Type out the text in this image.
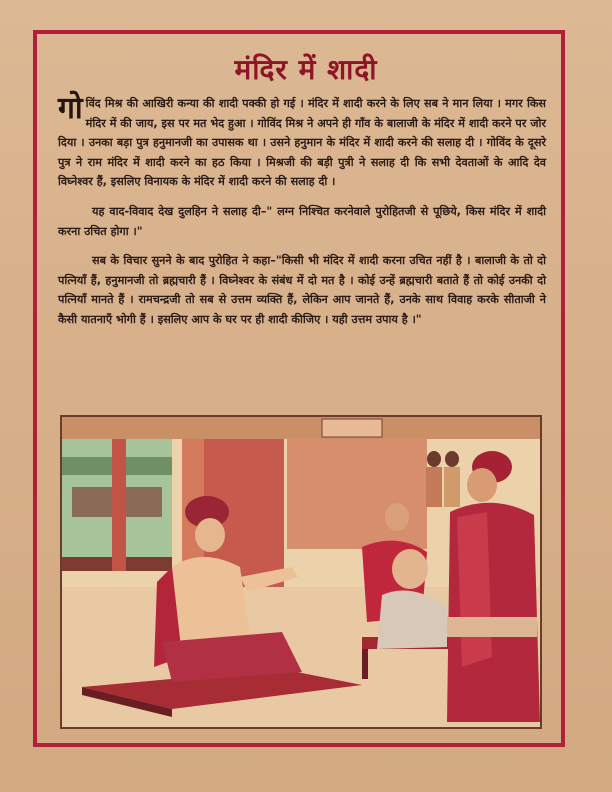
मंदिर में शादी

गोविंद मिश्र की आखिरी कन्या की शादी पक्की हो गई । मंदिर में शादी करने के लिए सब ने मान लिया । मगर किस मंदिर में की जाय, इस पर मत भेद हुआ । गोविंद मिश्र ने अपने ही गाँव के बालाजी के मंदिर में शादी करने पर जोर दिया । उनका बड़ा पुत्र हनुमानजी का उपासक था । उसने हनुमान के मंदिर में शादी करने की सलाह दी । गोविंद के दूसरे पुत्र ने राम मंदिर में शादी करने का हठ किया । मिश्रजी की बड़ी पुत्री ने सलाह दी कि सभी देवताओं के आदि देव विघ्नेश्वर हैं, इसलिए विनायक के मंदिर में शादी करने की सलाह दी ।

यह वाद-विवाद देख दुलहिन ने सलाह दी–" लग्न निश्चित करनेवाले पुरोहितजी से पूछिये, किस मंदिर में शादी करना उचित होगा ।"

सब के विचार सुनने के बाद पुरोहित ने कहा–"किसी भी मंदिर में शादी करना उचित नहीं है । बालाजी के तो दो पत्नियाँ हैं, हनुमानजी तो ब्रह्मचारी हैं । विघ्नेश्वर के संबंध में दो मत है । कोई उन्हें ब्रह्मचारी बताते हैं तो कोई उनकी दो पत्नियाँ मानते हैं । रामचन्द्रजी तो सब से उत्तम व्यक्ति हैं, लेकिन आप जानते हैं, उनके साथ विवाह करके सीताजी ने कैसी यातनाएँ भोगी हैं । इसलिए आप के घर पर ही शादी कीजिए । यही उत्तम उपाय है ।"
